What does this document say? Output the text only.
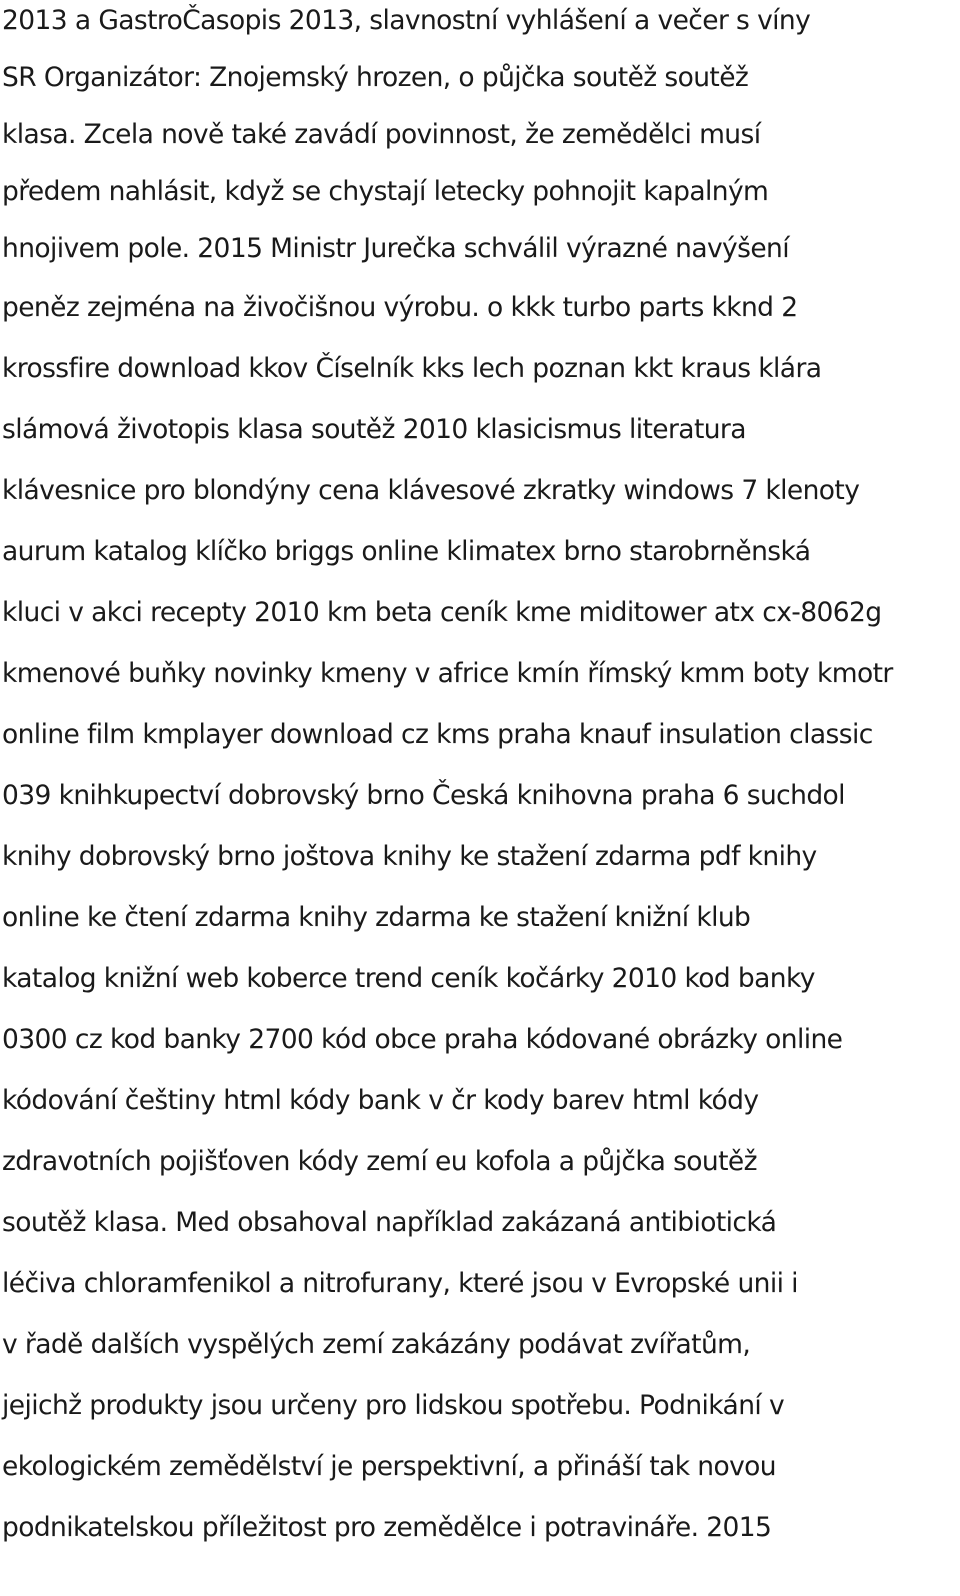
2013 a GastroČasopis 2013, slavnostní vyhlášení a večer s víny
SR Organizátor: Znojemský hrozen, o půjčka soutěž soutěž
klasa. Zcela nově také zavádí povinnost, že zemědělci musí
předem nahlásit, když se chystají letecky pohnojit kapalným
hnojivem pole. 2015 Ministr Jurečka schválil výrazné navýšení
peněz zejména na živočišnou výrobu. o kkk turbo parts kknd 2
krossfire download kkov Číselník kks lech poznan kkt kraus klára
slámová životopis klasa soutěž 2010 klasicismus literatura
klávesnice pro blondýny cena klávesové zkratky windows 7 klenoty
aurum katalog klíčko briggs online klimatex brno starobrněnská
kluci v akci recepty 2010 km beta ceník kme miditower atx cx-8062g
kmenové buňky novinky kmeny v africe kmín římský kmm boty kmotr
online film kmplayer download cz kms praha knauf insulation classic
039 knihkupectví dobrovský brno Česká knihovna praha 6 suchdol
knihy dobrovský brno joštova knihy ke stažení zdarma pdf knihy
online ke čtení zdarma knihy zdarma ke stažení knižní klub
katalog knižní web koberce trend ceník kočárky 2010 kod banky
0300 cz kod banky 2700 kód obce praha kódované obrázky online
kódování češtiny html kódy bank v čr kody barev html kódy
zdravotních pojišťoven kódy zemí eu kofola a půjčka soutěž
soutěž klasa. Med obsahoval například zakázaná antibiotická
léčiva chloramfenikol a nitrofurany, které jsou v Evropské unii i
v řadě dalších vyspělých zemí zakázány podávat zvířatům,
jejichž produkty jsou určeny pro lidskou spotřebu. Podnikání v
ekologickém zemědělství je perspektivní, a přináší tak novou
podnikatelskou příležitost pro zemědělce i potravináře. 2015
